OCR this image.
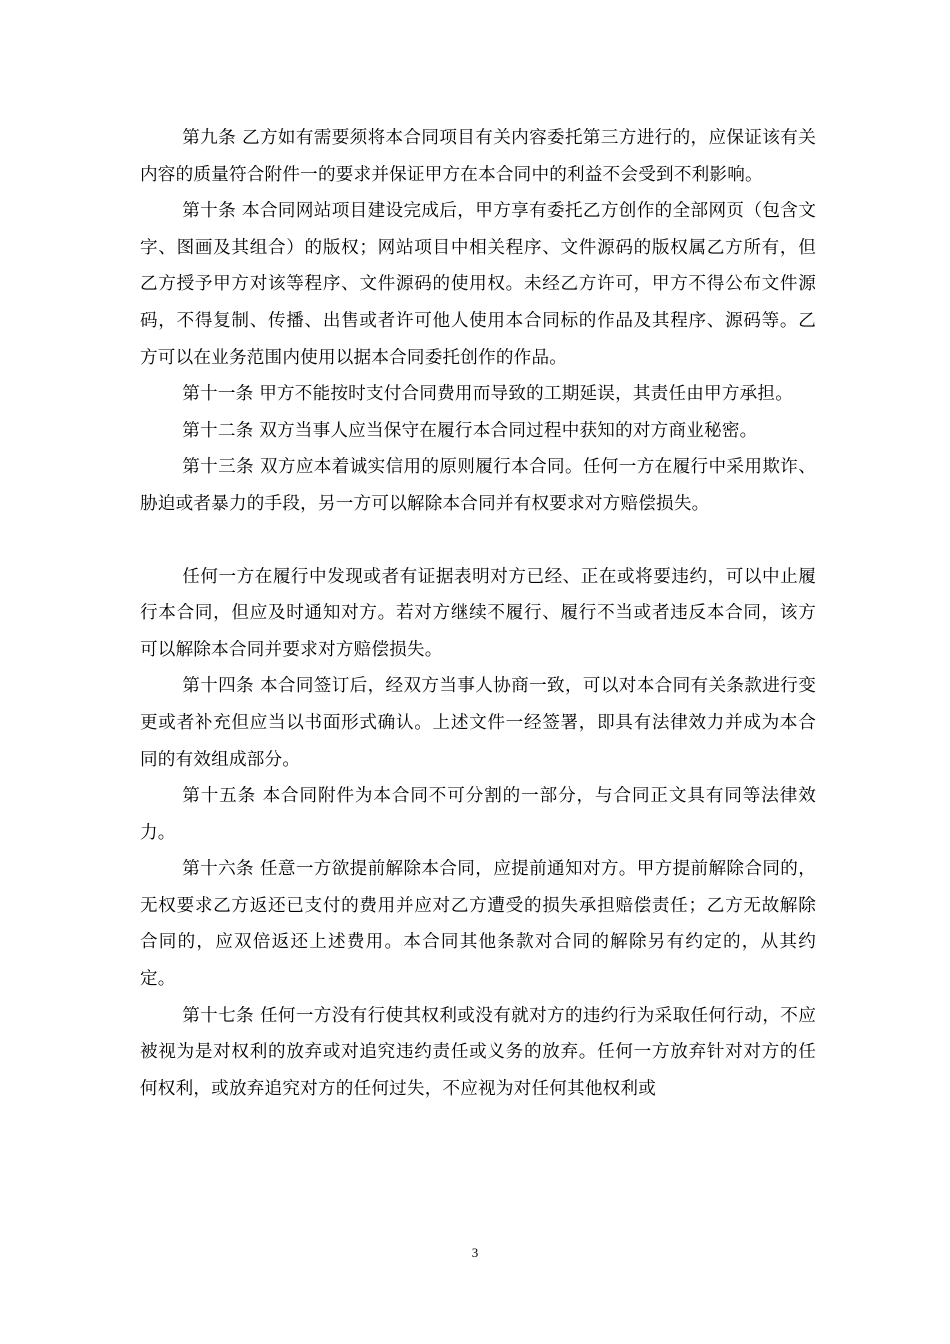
第九条 乙方如有需要须将本合同项目有关内容委托第三方进行的，应保证该有关内容的质量符合附件一的要求并保证甲方在本合同中的利益不会受到不利影响。

第十条 本合同网站项目建设完成后，甲方享有委托乙方创作的全部网页（包含文字、图画及其组合）的版权；网站项目中相关程序、文件源码的版权属乙方所有，但乙方授予甲方对该等程序、文件源码的使用权。未经乙方许可，甲方不得公布文件源码，不得复制、传播、出售或者许可他人使用本合同标的作品及其程序、源码等。乙方可以在业务范围内使用以据本合同委托创作的作品。

第十一条 甲方不能按时支付合同费用而导致的工期延误，其责任由甲方承担。

第十二条 双方当事人应当保守在履行本合同过程中获知的对方商业秘密。

第十三条 双方应本着诚实信用的原则履行本合同。任何一方在履行中采用欺诈、胁迫或者暴力的手段，另一方可以解除本合同并有权要求对方赔偿损失。

任何一方在履行中发现或者有证据表明对方已经、正在或将要违约，可以中止履行本合同，但应及时通知对方。若对方继续不履行、履行不当或者违反本合同，该方可以解除本合同并要求对方赔偿损失。

第十四条 本合同签订后，经双方当事人协商一致，可以对本合同有关条款进行变更或者补充但应当以书面形式确认。上述文件一经签署，即具有法律效力并成为本合同的有效组成部分。

第十五条 本合同附件为本合同不可分割的一部分，与合同正文具有同等法律效力。

第十六条 任意一方欲提前解除本合同，应提前通知对方。甲方提前解除合同的，无权要求乙方返还已支付的费用并应对乙方遭受的损失承担赔偿责任；乙方无故解除合同的，应双倍返还上述费用。本合同其他条款对合同的解除另有约定的，从其约定。

第十七条 任何一方没有行使其权利或没有就对方的违约行为采取任何行动，不应被视为是对权利的放弃或对追究违约责任或义务的放弃。任何一方放弃针对对方的任何权利，或放弃追究对方的任何过失，不应视为对任何其他权利或

3
